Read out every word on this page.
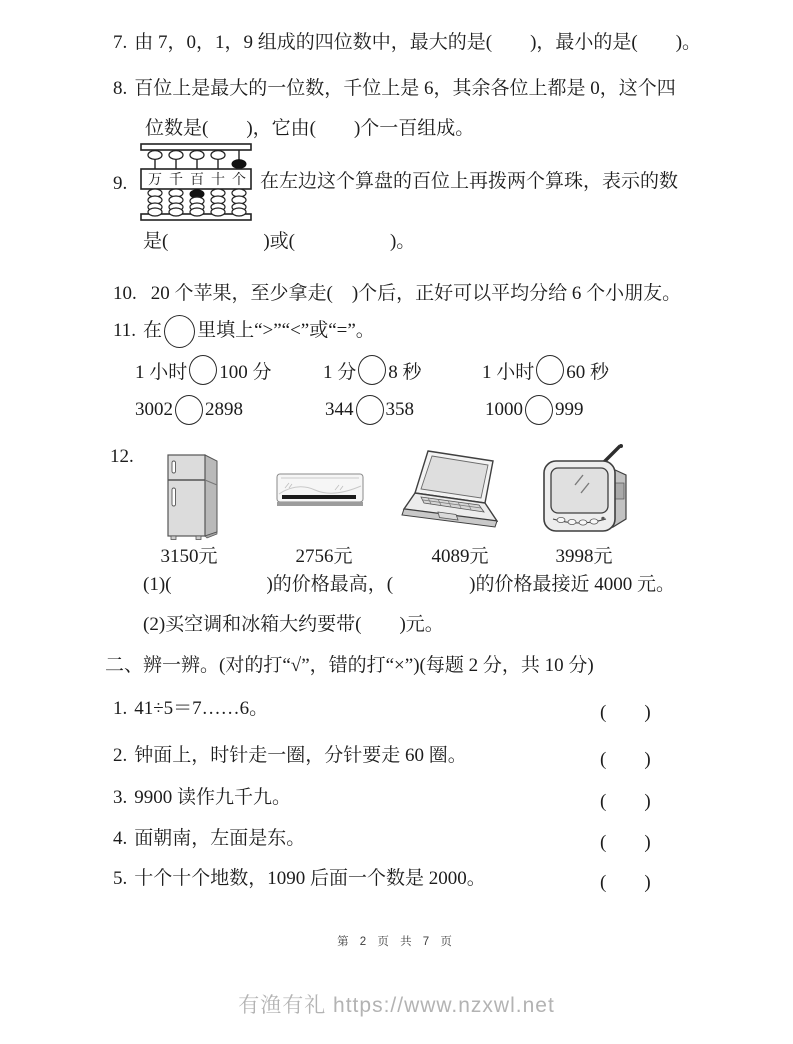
7. 由 7，0，1，9 组成的四位数中，最大的是(　　)，最小的是(　　)。
8. 百位上是最大的一位数，千位上是 6，其余各位上都是 0，这个四
位数是(　　)，它由(　　)个一百组成。
9.	万 千 百 十 个 在左边这个算盘的百位上再拨两个算珠，表示的数
是(　　　　　)或(　　　　　)。
10. 20 个苹果，至少拿走(　)个后，正好可以平均分给 6 个小朋友。
11. 在 里填上“>”“<”或“=”。
1 小时 100 分	1 分 8 秒	1 小时 60 秒
3002 2898	344 358	1000 999
12.
3150元	2756元	4089元	3998元
(1)(　　　　　)的价格最高，(　　　　)的价格最接近 4000 元。
(2)买空调和冰箱大约要带(　　)元。
二、辨一辨。(对的打“√”，错的打“×”)(每题 2 分，共 10 分)
1. 41÷5＝7……6。	(　　)
2. 钟面上，时针走一圈，分针要走 60 圈。	(　　)
3. 9900 读作九千九。	(　　)
4. 面朝南，左面是东。	(　　)
5. 十个十个地数，1090 后面一个数是 2000。	(　　)
第 2 页 共 7 页
有渔有礼 https://www.nzxwl.net
